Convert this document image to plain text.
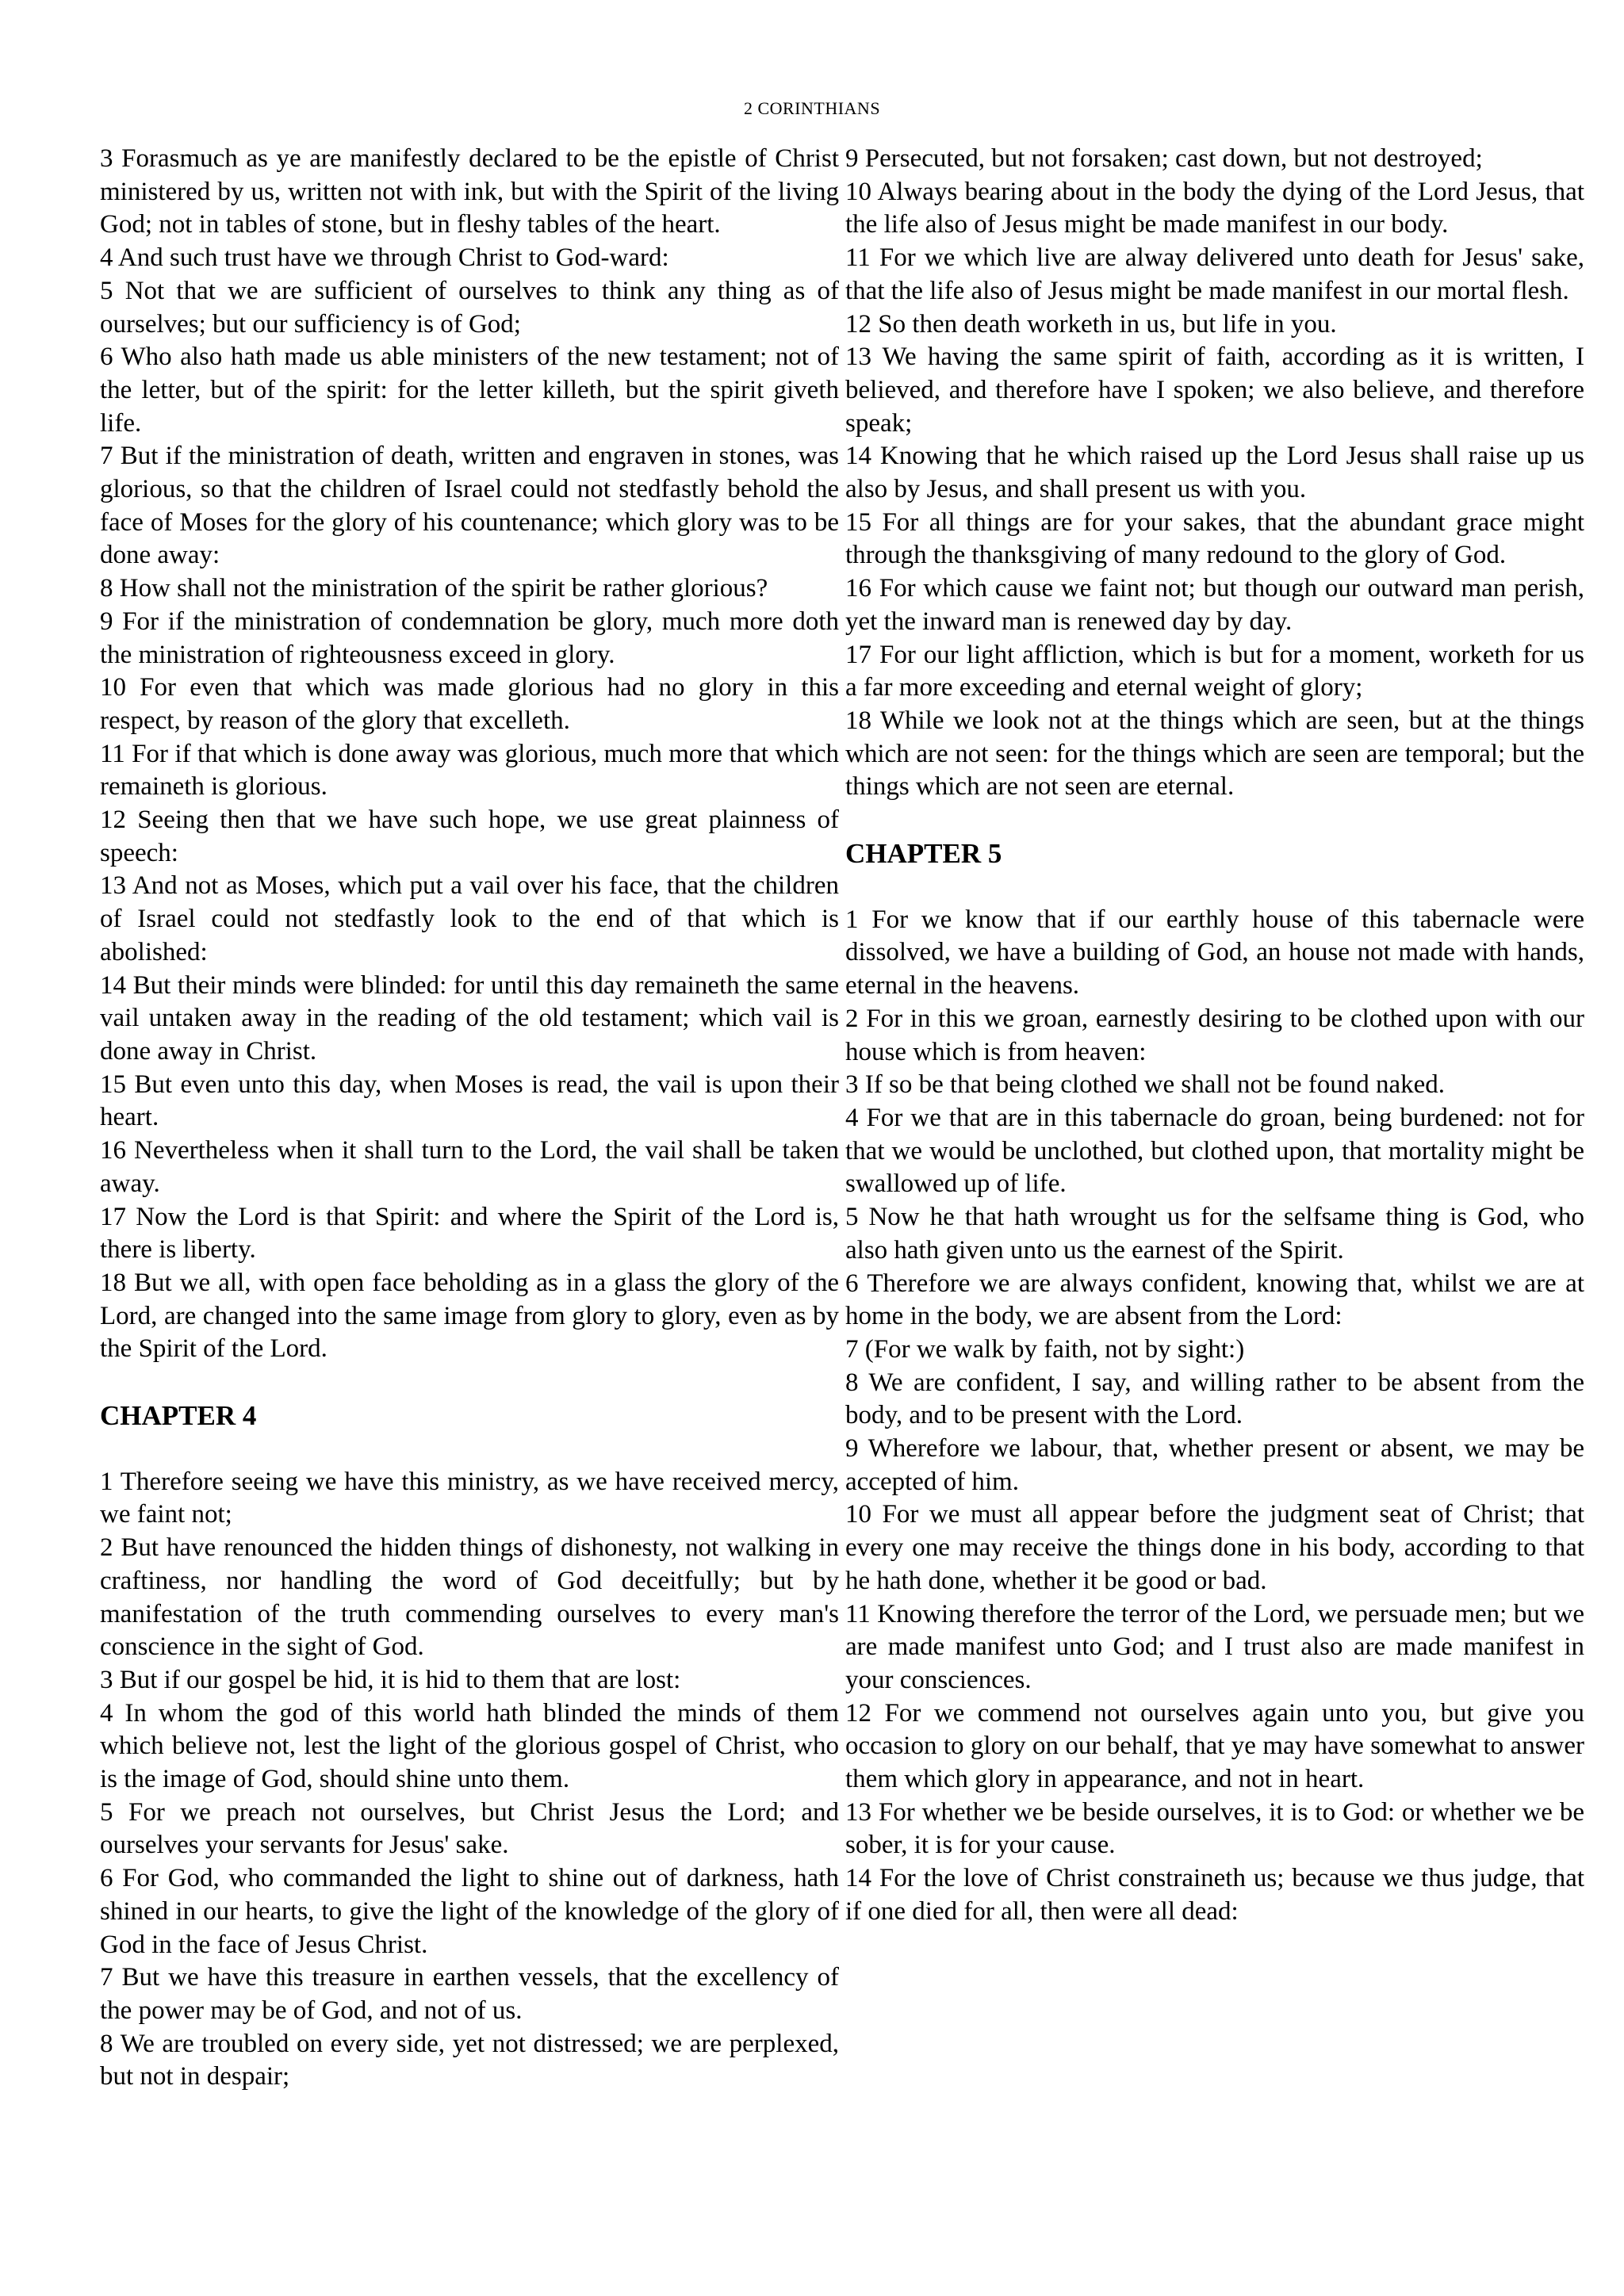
2 CORINTHIANS

3 Forasmuch as ye are manifestly declared to be the epistle of Christ ministered by us, written not with ink, but with the Spirit of the living God; not in tables of stone, but in fleshy tables of the heart.

4 And such trust have we through Christ to God-ward:

5 Not that we are sufficient of ourselves to think any thing as of ourselves; but our sufficiency is of God;

6 Who also hath made us able ministers of the new testament; not of the letter, but of the spirit: for the letter killeth, but the spirit giveth life.

7 But if the ministration of death, written and engraven in stones, was glorious, so that the children of Israel could not stedfastly behold the face of Moses for the glory of his countenance; which glory was to be done away:

8 How shall not the ministration of the spirit be rather glorious?

9 For if the ministration of condemnation be glory, much more doth the ministration of righteousness exceed in glory.

10 For even that which was made glorious had no glory in this respect, by reason of the glory that excelleth.

11 For if that which is done away was glorious, much more that which remaineth is glorious.

12 Seeing then that we have such hope, we use great plainness of speech:

13 And not as Moses, which put a vail over his face, that the children of Israel could not stedfastly look to the end of that which is abolished:

14 But their minds were blinded: for until this day remaineth the same vail untaken away in the reading of the old testament; which vail is done away in Christ.

15 But even unto this day, when Moses is read, the vail is upon their heart.

16 Nevertheless when it shall turn to the Lord, the vail shall be taken away.

17 Now the Lord is that Spirit: and where the Spirit of the Lord is, there is liberty.

18 But we all, with open face beholding as in a glass the glory of the Lord, are changed into the same image from glory to glory, even as by the Spirit of the Lord.

CHAPTER 4

1 Therefore seeing we have this ministry, as we have received mercy, we faint not;

2 But have renounced the hidden things of dishonesty, not walking in craftiness, nor handling the word of God deceitfully; but by manifestation of the truth commending ourselves to every man's conscience in the sight of God.

3 But if our gospel be hid, it is hid to them that are lost:

4 In whom the god of this world hath blinded the minds of them which believe not, lest the light of the glorious gospel of Christ, who is the image of God, should shine unto them.

5 For we preach not ourselves, but Christ Jesus the Lord; and ourselves your servants for Jesus' sake.

6 For God, who commanded the light to shine out of darkness, hath shined in our hearts, to give the light of the knowledge of the glory of God in the face of Jesus Christ.

7 But we have this treasure in earthen vessels, that the excellency of the power may be of God, and not of us.

8 We are troubled on every side, yet not distressed; we are perplexed, but not in despair;

9 Persecuted, but not forsaken; cast down, but not destroyed;

10 Always bearing about in the body the dying of the Lord Jesus, that the life also of Jesus might be made manifest in our body.

11 For we which live are alway delivered unto death for Jesus' sake, that the life also of Jesus might be made manifest in our mortal flesh.

12 So then death worketh in us, but life in you.

13 We having the same spirit of faith, according as it is written, I believed, and therefore have I spoken; we also believe, and therefore speak;

14 Knowing that he which raised up the Lord Jesus shall raise up us also by Jesus, and shall present us with you.

15 For all things are for your sakes, that the abundant grace might through the thanksgiving of many redound to the glory of God.

16 For which cause we faint not; but though our outward man perish, yet the inward man is renewed day by day.

17 For our light affliction, which is but for a moment, worketh for us a far more exceeding and eternal weight of glory;

18 While we look not at the things which are seen, but at the things which are not seen: for the things which are seen are temporal; but the things which are not seen are eternal.

CHAPTER 5

1 For we know that if our earthly house of this tabernacle were dissolved, we have a building of God, an house not made with hands, eternal in the heavens.

2 For in this we groan, earnestly desiring to be clothed upon with our house which is from heaven:

3 If so be that being clothed we shall not be found naked.

4 For we that are in this tabernacle do groan, being burdened: not for that we would be unclothed, but clothed upon, that mortality might be swallowed up of life.

5 Now he that hath wrought us for the selfsame thing is God, who also hath given unto us the earnest of the Spirit.

6 Therefore we are always confident, knowing that, whilst we are at home in the body, we are absent from the Lord:

7 (For we walk by faith, not by sight:)

8 We are confident, I say, and willing rather to be absent from the body, and to be present with the Lord.

9 Wherefore we labour, that, whether present or absent, we may be accepted of him.

10 For we must all appear before the judgment seat of Christ; that every one may receive the things done in his body, according to that he hath done, whether it be good or bad.

11 Knowing therefore the terror of the Lord, we persuade men; but we are made manifest unto God; and I trust also are made manifest in your consciences.

12 For we commend not ourselves again unto you, but give you occasion to glory on our behalf, that ye may have somewhat to answer them which glory in appearance, and not in heart.

13 For whether we be beside ourselves, it is to God: or whether we be sober, it is for your cause.

14 For the love of Christ constraineth us; because we thus judge, that if one died for all, then were all dead:
